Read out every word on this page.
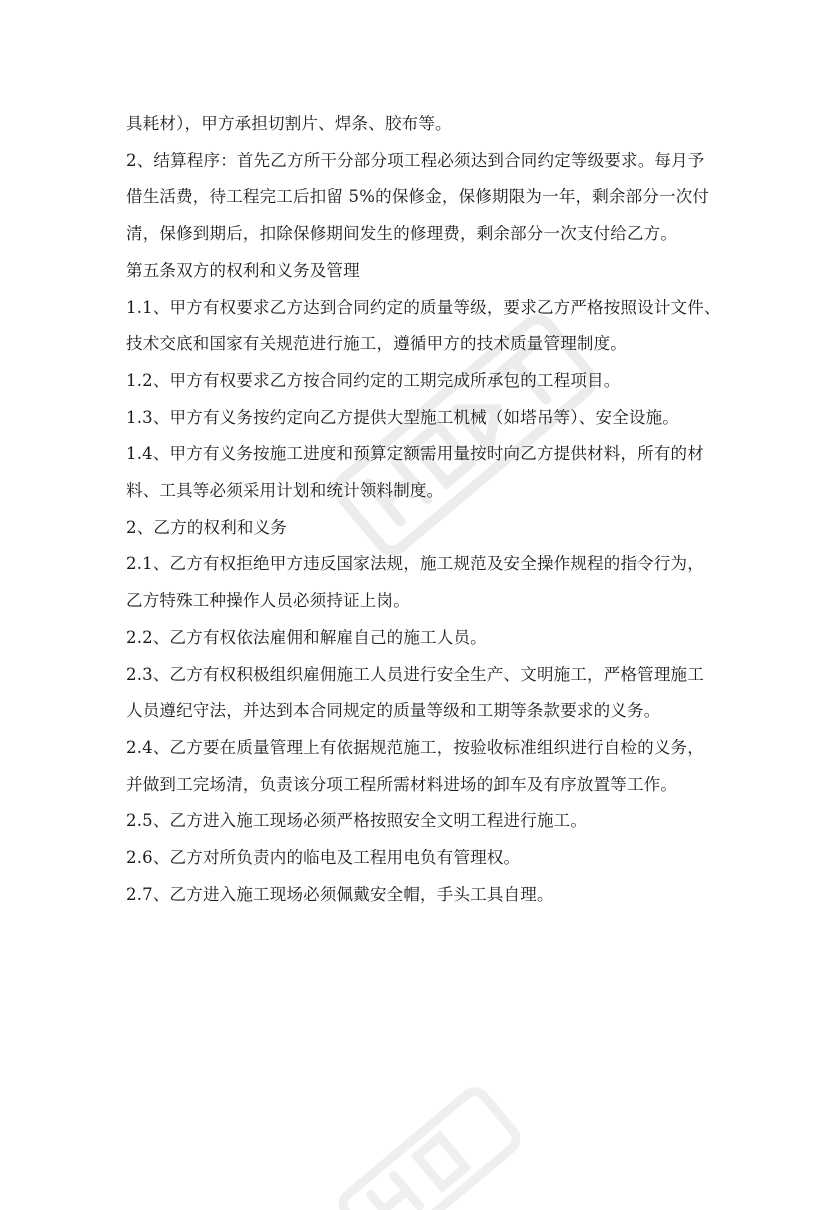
具耗材），甲方承担切割片、焊条、胶布等。
2、结算程序：首先乙方所干分部分项工程必须达到合同约定等级要求。每月予
借生活费，待工程完工后扣留 5%的保修金，保修期限为一年，剩余部分一次付
清，保修到期后，扣除保修期间发生的修理费，剩余部分一次支付给乙方。
第五条双方的权利和义务及管理
1.1、甲方有权要求乙方达到合同约定的质量等级，要求乙方严格按照设计文件、
技术交底和国家有关规范进行施工，遵循甲方的技术质量管理制度。
1.2、甲方有权要求乙方按合同约定的工期完成所承包的工程项目。
1.3、甲方有义务按约定向乙方提供大型施工机械（如塔吊等）、安全设施。
1.4、甲方有义务按施工进度和预算定额需用量按时向乙方提供材料，所有的材
料、工具等必须采用计划和统计领料制度。
2、乙方的权利和义务
2.1、乙方有权拒绝甲方违反国家法规，施工规范及安全操作规程的指令行为，
乙方特殊工种操作人员必须持证上岗。
2.2、乙方有权依法雇佣和解雇自己的施工人员。
2.3、乙方有权积极组织雇佣施工人员进行安全生产、文明施工，严格管理施工
人员遵纪守法，并达到本合同规定的质量等级和工期等条款要求的义务。
2.4、乙方要在质量管理上有依据规范施工，按验收标准组织进行自检的义务，
并做到工完场清，负责该分项工程所需材料进场的卸车及有序放置等工作。
2.5、乙方进入施工现场必须严格按照安全文明工程进行施工。
2.6、乙方对所负责内的临电及工程用电负有管理权。
2.7、乙方进入施工现场必须佩戴安全帽，手头工具自理。
